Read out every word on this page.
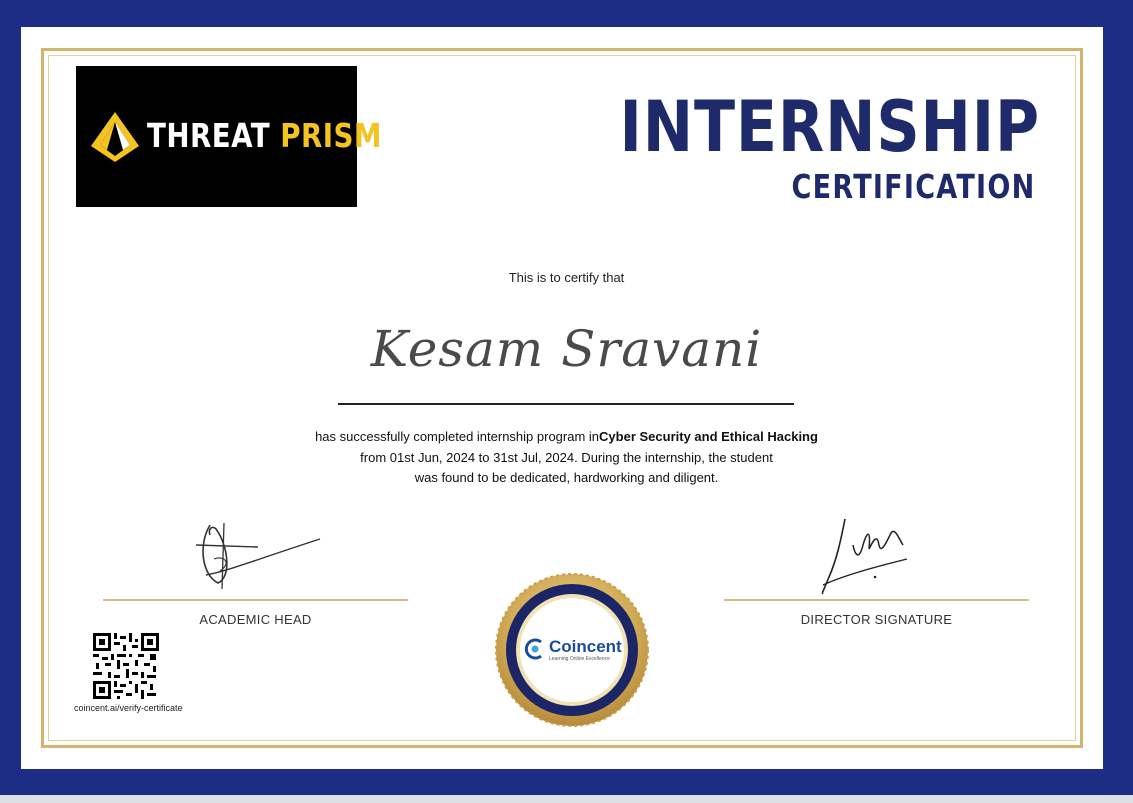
THREAT PRISM	INTERNSHIP
CERTIFICATION
This is to certify that
Kesam Sravani
has successfully completed internship program inCyber Security and Ethical Hacking
from 01st Jun, 2024 to 31st Jul, 2024. During the internship, the student
was found to be dedicated, hardworking and diligent.
ACADEMIC HEAD	DIRECTOR SIGNATURE
Coincent
Learning Online Excellence
coincent.ai/verify-certificate
